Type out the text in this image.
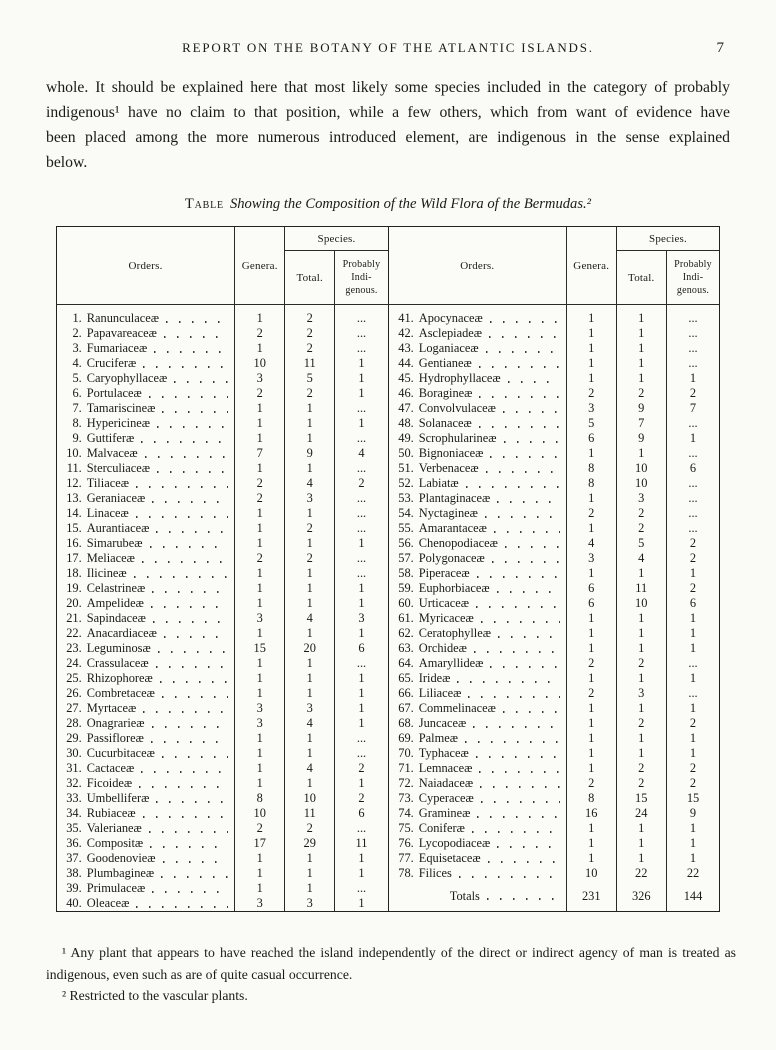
REPORT ON THE BOTANY OF THE ATLANTIC ISLANDS.	7

whole. It should be explained here that most likely some species included in the category of probably indigenous¹ have no claim to that position, while a few others, which from want of evidence have been placed among the more numerous introduced element, are indigenous in the sense explained below.

Table Showing the Composition of the Wild Flora of the Bermudas.²
Orders.	Genera.	Species.	
		Total.	Probably Indi-genous.

1. Ranunculaceæ	1	2	...

2. Papavareaceæ	2	2	...

3. Fumariaceæ	1	2	...

4. Cruciferæ	10	11	1

5. Caryophyllaceæ	3	5	1

6. Portulaceæ	2	2	1

7. Tamariscineæ	1	1	...

8. Hypericineæ	1	1	1

9. Guttiferæ	1	1	...

10. Malvaceæ	7	9	4

11. Sterculiaceæ	1	1	...

12. Tiliaceæ	2	4	2

13. Geraniaceæ	2	3	...

14. Linaceæ	1	1	...

15. Aurantiaceæ	1	2	...

16. Simarubeæ	1	1	1

17. Meliaceæ	2	2	...

18. Ilicineæ	1	1	...

19. Celastrineæ	1	1	1

20. Ampelideæ	1	1	1

21. Sapindaceæ	3	4	3

22. Anacardiaceæ	1	1	1

23. Leguminosæ	15	20	6

24. Crassulaceæ	1	1	...

25. Rhizophoreæ	1	1	1

26. Combretaceæ	1	1	1

27. Myrtaceæ	3	3	1

28. Onagrarieæ	3	4	1

29. Passifloreæ	1	1	...

30. Cucurbitaceæ	1	1	...

31. Cactaceæ	1	4	2

32. Ficoideæ	1	1	1

33. Umbelliferæ	8	10	2

34. Rubiaceæ	10	11	6

35. Valerianeæ	2	2	...

36. Compositæ	17	29	11

37. Goodenovieæ	1	1	1

38. Plumbagineæ	1	1	1

39. Primulaceæ	1	1	...

40. Oleaceæ	3	3	1
Orders.	Genera.	Species.	
		Total.	Probably Indi-genous.

41. Apocynaceæ	1	1	...

42. Asclepiadeæ	1	1	...

43. Loganiaceæ	1	1	...

44. Gentianeæ	1	1	...

45. Hydrophyllaceæ	1	1	1

46. Boragineæ	2	2	2

47. Convolvulaceæ	3	9	7

48. Solanaceæ	5	7	...

49. Scrophularineæ	6	9	1

50. Bignoniaceæ	1	1	...

51. Verbenaceæ	8	10	6

52. Labiatæ	8	10	...

53. Plantaginaceæ	1	3	...

54. Nyctagineæ	2	2	...

55. Amarantaceæ	1	2	...

56. Chenopodiaceæ	4	5	2

57. Polygonaceæ	3	4	2

58. Piperaceæ	1	1	1

59. Euphorbiaceæ	6	11	2

60. Urticaceæ	6	10	6

61. Myricaceæ	1	1	1

62. Ceratophylleæ	1	1	1

63. Orchideæ	1	1	1

64. Amaryllideæ	2	2	...

65. Irideæ	1	1	1

66. Liliaceæ	2	3	...

67. Commelinaceæ	1	1	1

68. Juncaceæ	1	2	2

69. Palmeæ	1	1	1

70. Typhaceæ	1	1	1

71. Lemnaceæ	1	2	2

72. Naiadaceæ	2	2	2

73. Cyperaceæ	8	15	15

74. Gramineæ	16	24	9

75. Coniferæ	1	1	1

76. Lycopodiaceæ	1	1	1

77. Equisetaceæ	1	1	1

78. Filices	10	22	22

Totals	231	326	144

¹ Any plant that appears to have reached the island independently of the direct or indirect agency of man is treated as indigenous, even such as are of quite casual occurrence.

² Restricted to the vascular plants.
